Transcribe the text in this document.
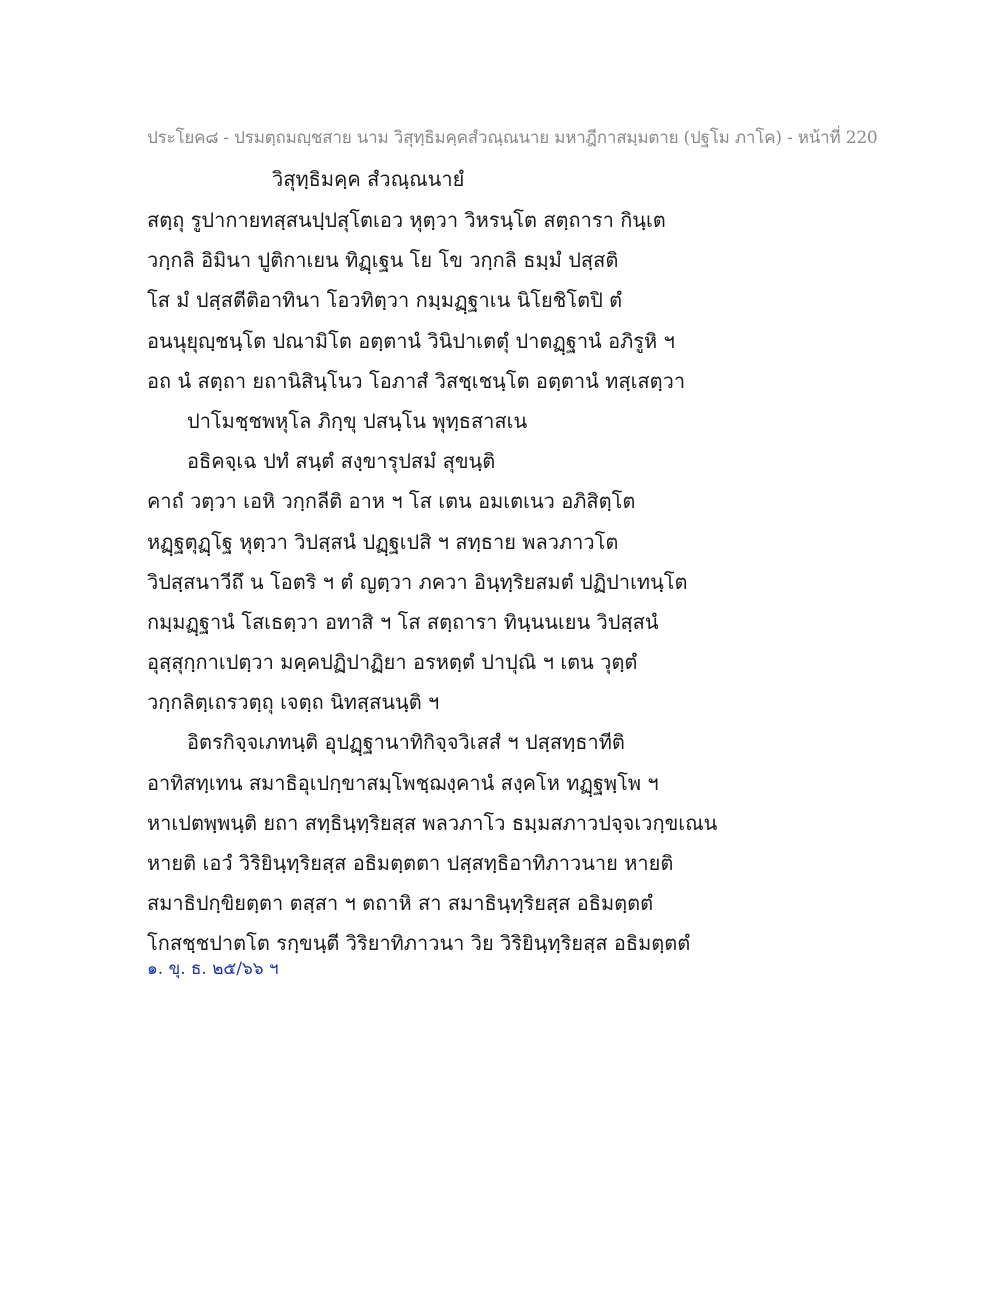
ประโยค๘ - ปรมตฺถมญฺชสาย นาม วิสุทฺธิมคฺคสํวณฺณนาย มหาฎีกาสมฺมตาย (ปฐโม ภาโค) - หน้าที่ 220
วิสุทฺธิมคฺค สํวณฺณนายํ
สตฺถุ รูปากายทสฺสนปฺปสุโตเอว หุตฺวา วิหรนฺโต สตฺถารา กินฺเต
วกฺกลิ อิมินา ปูติกาเยน ทิฏฺเฐน โย โข วกฺกลิ ธมฺมํ ปสฺสติ
โส มํ ปสฺสตีติอาทินา โอวทิตฺวา กมฺมฏฺฐาเน นิโยชิโตปิ ตํ
อนนุยุญฺชนฺโต ปณามิโต อตฺตานํ วินิปาเตตุํ ปาตฏฺฐานํ อภิรูหิ ฯ
อถ นํ สตฺถา ยถานิสินฺโนว โอภาสํ วิสชฺเชนฺโต อตฺตานํ ทสฺเสตฺวา
ปาโมชฺชพหุโล ภิกฺขุ ปสนฺโน พุทฺธสาสเน
อธิคจฺเฉ ปทํ สนฺตํ สงฺขารุปสมํ สุขนฺติ
คาถํ วตฺวา เอหิ วกฺกลีติ อาห ฯ โส เตน อมเตเนว อภิสิตฺโต
หฏฺฐตุฏฺโฐ หุตฺวา วิปสฺสนํ ปฏฺฐเปสิ ฯ สทฺธาย พลวภาวโต
วิปสฺสนาวีถึ น โอตริ ฯ ตํ ญตฺวา ภควา อินฺทฺริยสมตํ ปฏิปาเทนฺโต
กมฺมฏฺฐานํ โสเธตฺวา อทาสิ ฯ โส สตฺถารา ทินฺนนเยน วิปสฺสนํ
อุสฺสุกฺกาเปตฺวา มคฺคปฏิปาฏิยา อรหตฺตํ ปาปุณิ ฯ เตน วุตฺตํ
วกฺกลิตฺเถรวตฺถุ เจตฺถ นิทสฺสนนฺติ ฯ
อิตรกิจฺจเภทนฺติ อุปฏฺฐานาทิกิจฺจวิเสสํ ฯ ปสฺสทฺธาทีติ
อาทิสทฺเทน สมาธิอุเปกฺขาสมฺโพชฺฌงฺคานํ สงฺคโห ทฏฺฐพฺโพ ฯ
หาเปตพฺพนฺติ ยถา สทฺธินฺทฺริยสฺส พลวภาโว ธมฺมสภาวปจฺจเวกฺขเณน
หายติ เอวํ วิริยินฺทฺริยสฺส อธิมตฺตตา ปสฺสทฺธิอาทิภาวนาย หายติ
สมาธิปกฺขิยตฺตา ตสฺสา ฯ ตถาหิ สา สมาธินฺทฺริยสฺส อธิมตฺตตํ
โกสชฺชปาตโต รกฺขนฺตี วิริยาทิภาวนา วิย วิริยินฺทฺริยสฺส อธิมตฺตตํ
๑. ขุ. ธ. ๒๕/๖๖ ฯ
